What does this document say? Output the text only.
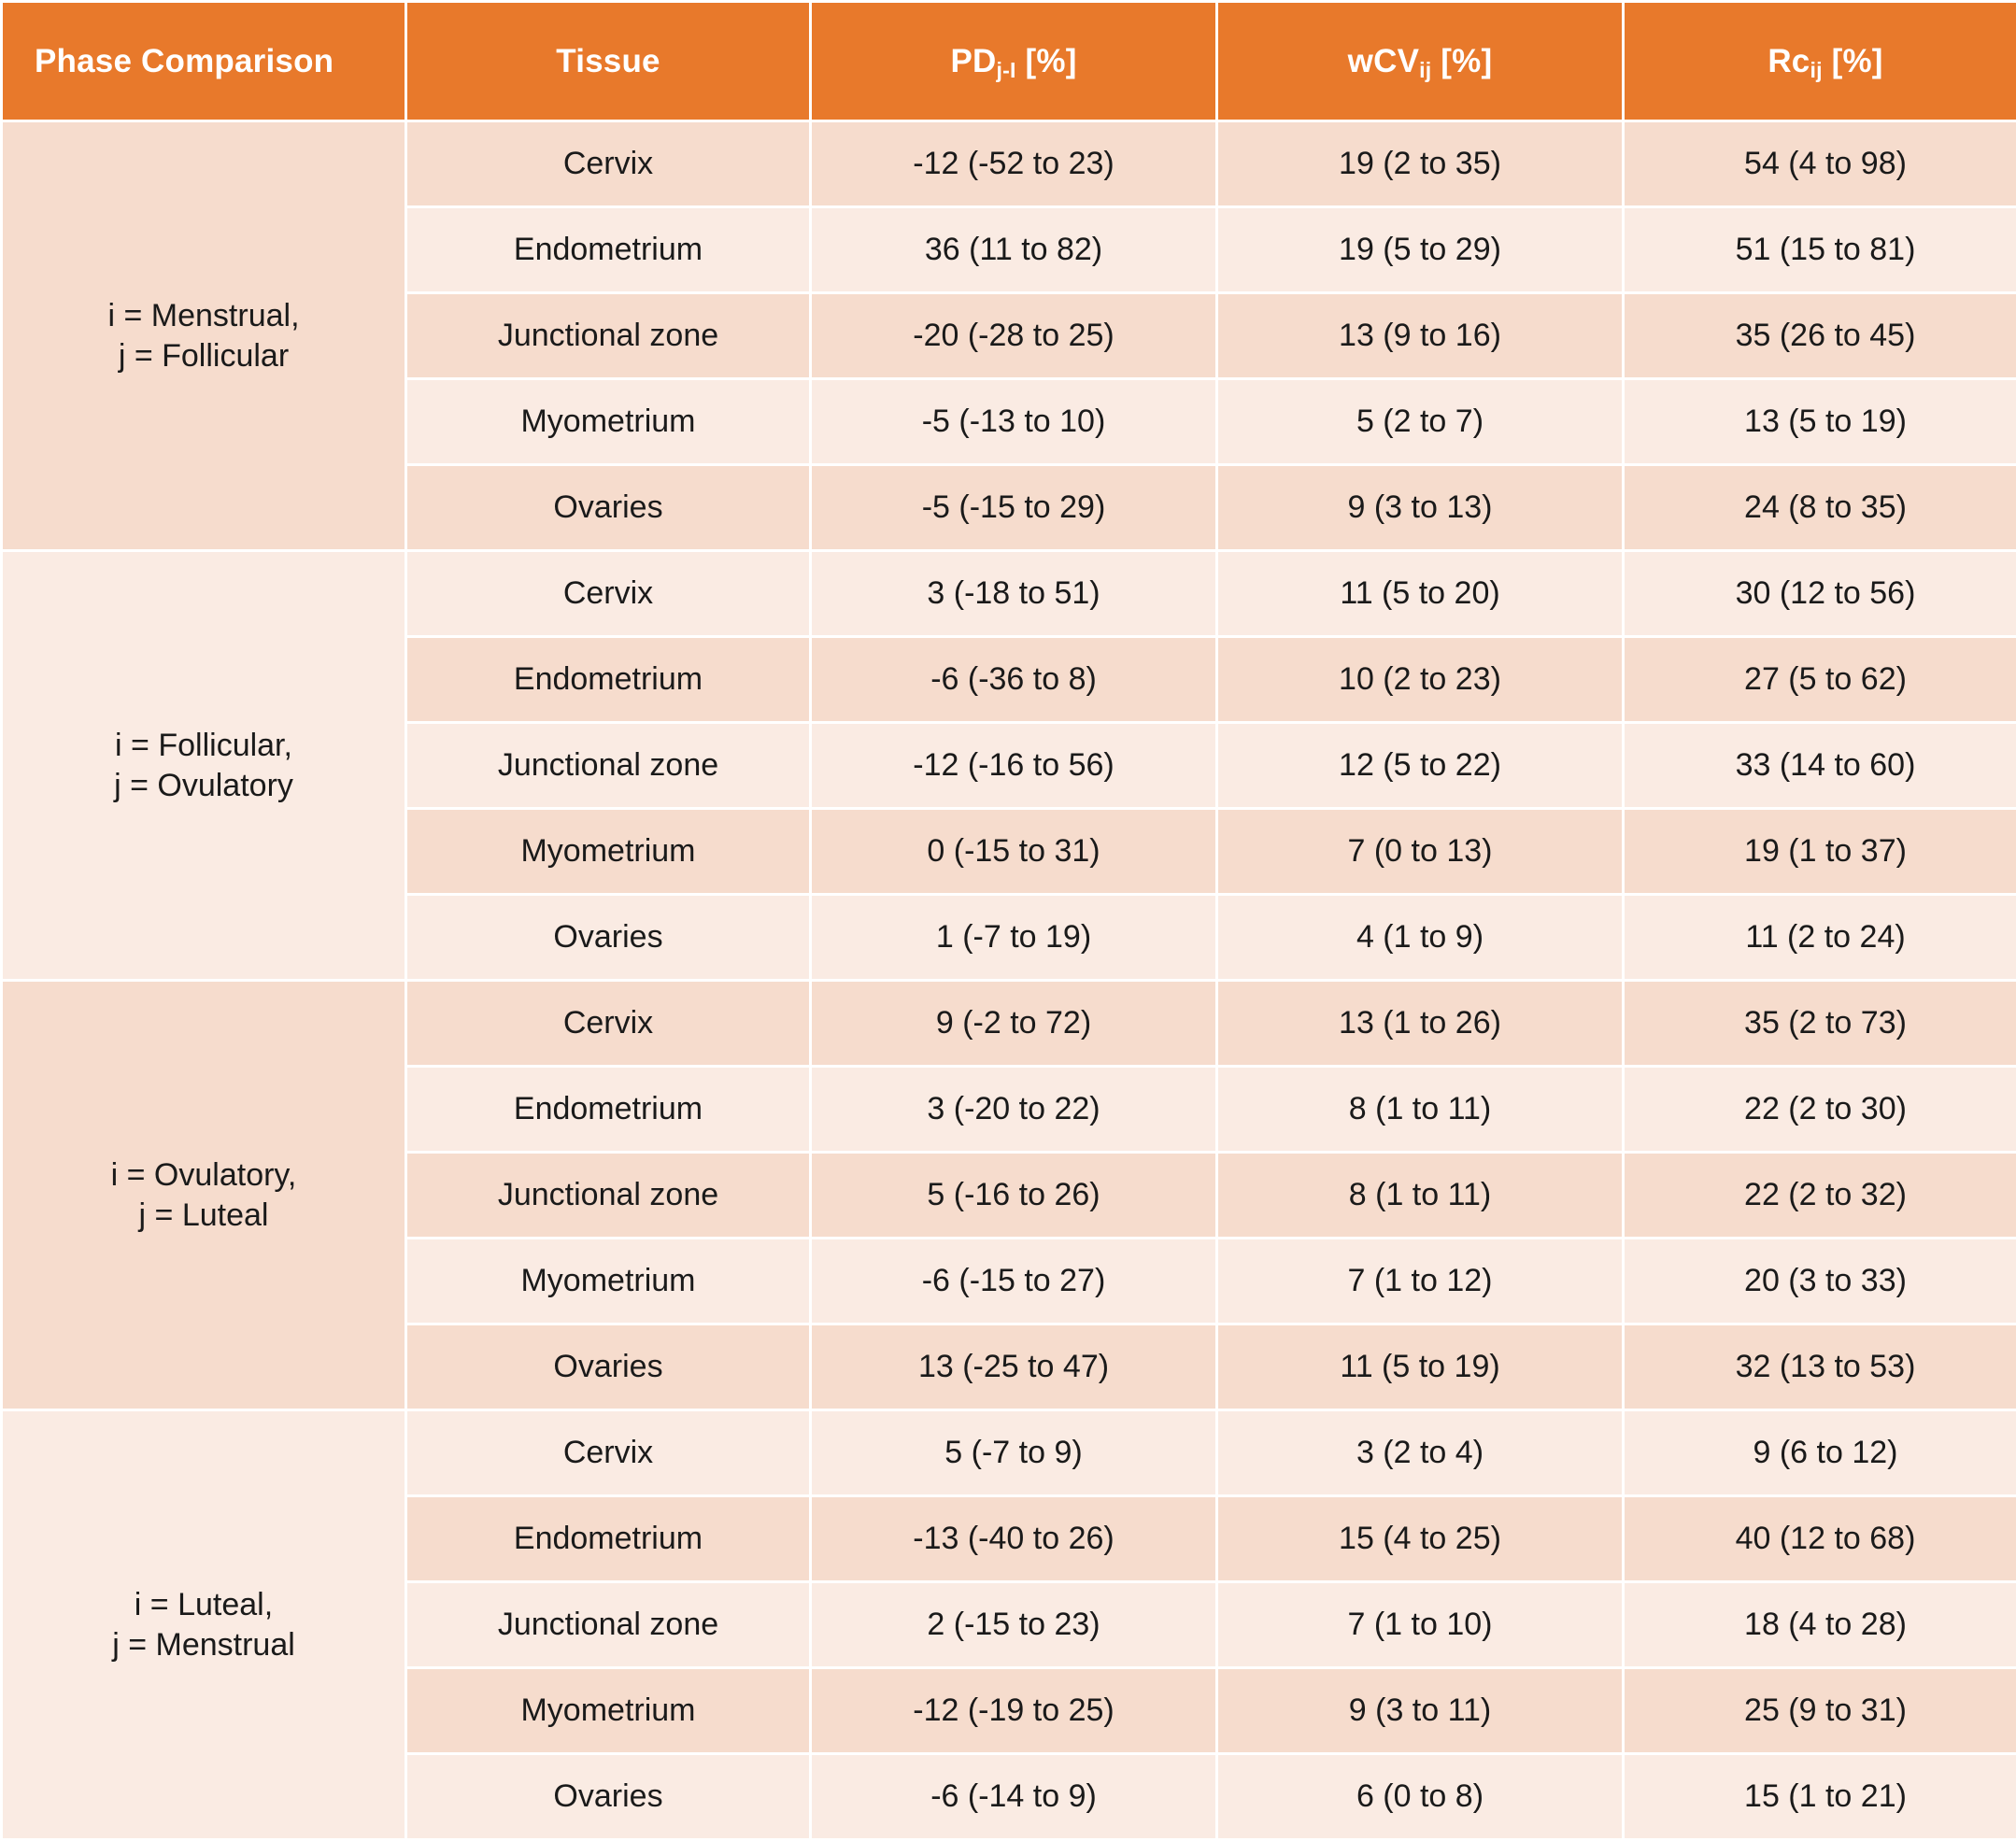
Phase Comparison	Tissue	$PD_{j-I}$ [%]	wCV$_{ij}$ [%]	$Rc_{ij}$ [%]

i = Menstrual,
j = Follicular	Cervix	-12 (-52 to 23)	19 (2 to 35)	54 (4 to 98)
	Endometrium	36 (11 to 82)	19 (5 to 29)	51 (15 to 81)
	Junctional zone	-20 (-28 to 25)	13 (9 to 16)	35 (26 to 45)
	Myometrium	-5 (-13 to 10)	5 (2 to 7)	13 (5 to 19)
	Ovaries	-5 (-15 to 29)	9 (3 to 13)	24 (8 to 35)

i = Follicular,
j = Ovulatory	Cervix	3 (-18 to 51)	11 (5 to 20)	30 (12 to 56)
	Endometrium	-6 (-36 to 8)	10 (2 to 23)	27 (5 to 62)
	Junctional zone	-12 (-16 to 56)	12 (5 to 22)	33 (14 to 60)
	Myometrium	0 (-15 to 31)	7 (0 to 13)	19 (1 to 37)
	Ovaries	1 (-7 to 19)	4 (1 to 9)	11 (2 to 24)

i = Ovulatory,
j = Luteal	Cervix	9 (-2 to 72)	13 (1 to 26)	35 (2 to 73)
	Endometrium	3 (-20 to 22)	8 (1 to 11)	22 (2 to 30)
	Junctional zone	5 (-16 to 26)	8 (1 to 11)	22 (2 to 32)
	Myometrium	-6 (-15 to 27)	7 (1 to 12)	20 (3 to 33)
	Ovaries	13 (-25 to 47)	11 (5 to 19)	32 (13 to 53)

i = Luteal,
j = Menstrual	Cervix	5 (-7 to 9)	3 (2 to 4)	9 (6 to 12)
	Endometrium	-13 (-40 to 26)	15 (4 to 25)	40 (12 to 68)
	Junctional zone	2 (-15 to 23)	7 (1 to 10)	18 (4 to 28)
	Myometrium	-12 (-19 to 25)	9 (3 to 11)	25 (9 to 31)
	Ovaries	-6 (-14 to 9)	6 (0 to 8)	15 (1 to 21)
